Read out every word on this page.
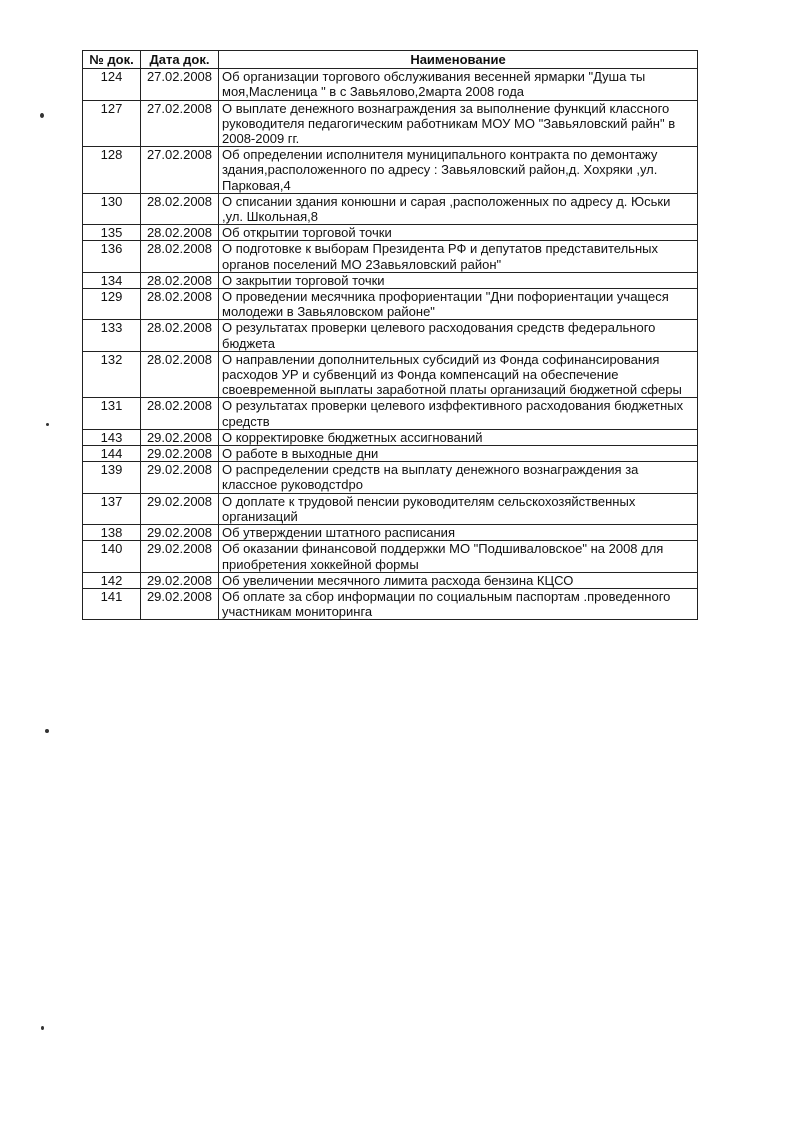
№ док.	Дата док.	Наименование
124	27.02.2008	Об организации торгового обслуживания весенней ярмарки "Душа ты моя,Масленица " в с Завьялово,2марта 2008 года
127	27.02.2008	О выплате денежного вознаграждения за выполнение функций классного руководителя педагогическим работникам МОУ МО "Завьяловский райн" в 2008-2009 гг.
128	27.02.2008	Об определении исполнителя муниципального контракта по демонтажу здания,расположенного по адресу : Завьяловский район,д. Хохряки ,ул. Парковая,4
130	28.02.2008	О списании здания конюшни и сарая ,расположенных по адресу д. Юськи ,ул. Школьная,8
135	28.02.2008	Об открытии торговой точки
136	28.02.2008	О подготовке к выборам Президента РФ и депутатов представительных органов поселений МО 2Завьяловский район"
134	28.02.2008	О закрытии торговой точки
129	28.02.2008	О проведении месячника профориентации "Дни пофориентации учащеся молодежи в Завьяловском районе"
133	28.02.2008	О результатах проверки целевого расходования средств федерального бюджета
132	28.02.2008	О направлении дополнительных субсидий из Фонда софинансирования расходов УР и субвенций из Фонда компенсаций на обеспечение своевременной выплаты заработной платы организаций бюджетной сферы
131	28.02.2008	О результатах проверки целевого изффективного расходования бюджетных средств
143	29.02.2008	О корректировке бюджетных ассигнований
144	29.02.2008	О работе в выходные дни
139	29.02.2008	О распределении средств на выплату денежного вознаграждения за классное руководстdро
137	29.02.2008	О доплате к трудовой пенсии руководителям сельскохозяйственных организаций
138	29.02.2008	Об утверждении штатного расписания
140	29.02.2008	Об оказании финансовой поддержки МО "Подшиваловское" на 2008 для приобретения хоккейной формы
142	29.02.2008	Об увеличении месячного лимита расхода бензина КЦСО
141	29.02.2008	Об оплате за сбор информации по социальным паспортам .проведенного участникам мониторинга
